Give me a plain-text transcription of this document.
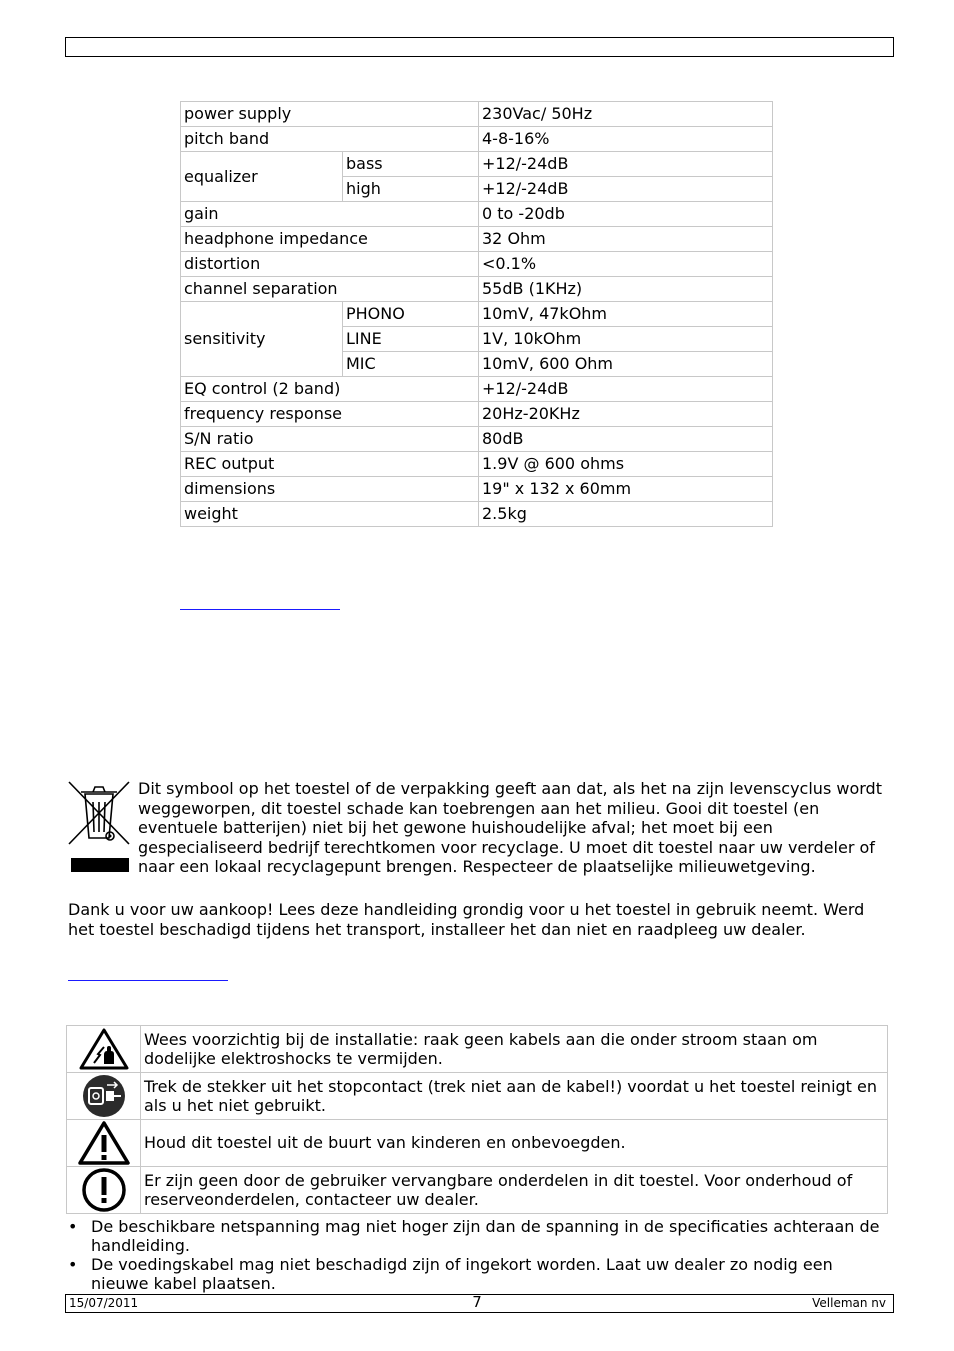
power supply		230Vac/ 50Hz
pitch band		4-8-16%
equalizer	bass	+12/-24dB
	high	+12/-24dB
gain		0 to -20db
headphone impedance		32 Ohm
distortion		<0.1%
channel separation		55dB (1KHz)
sensitivity	PHONO	10mV, 47kOhm
	LINE	1V, 10kOhm
	MIC	10mV, 600 Ohm
EQ control (2 band)		+12/-24dB
frequency response		20Hz-20KHz
S/N ratio		80dB
REC output		1.9V @ 600 ohms
dimensions		19" x 132 x 60mm
weight		2.5kg
Dit symbool op het toestel of de verpakking geeft aan dat, als het na zijn levenscyclus wordt weggeworpen, dit toestel schade kan toebrengen aan het milieu. Gooi dit toestel (en eventuele batterijen) niet bij het gewone huishoudelijke afval; het moet bij een gespecialiseerd bedrijf terechtkomen voor recyclage. U moet dit toestel naar uw verdeler of naar een lokaal recyclagepunt brengen. Respecteer de plaatselijke milieuwetgeving.
Dank u voor uw aankoop! Lees deze handleiding grondig voor u het toestel in gebruik neemt. Werd het toestel beschadigd tijdens het transport, installeer het dan niet en raadpleeg uw dealer.
	Wees voorzichtig bij de installatie: raak geen kabels aan die onder stroom staan om dodelijke elektroshocks te vermijden.

	Trek de stekker uit het stopcontact (trek niet aan de kabel!) voordat u het toestel reinigt en als u het niet gebruikt.

	Houd dit toestel uit de buurt van kinderen en onbevoegden.

	Er zijn geen door de gebruiker vervangbare onderdelen in dit toestel. Voor onderhoud of reserveonderdelen, contacteer uw dealer.
• De beschikbare netspanning mag niet hoger zijn dan de spanning in de specificaties achteraan de handleiding.
• De voedingskabel mag niet beschadigd zijn of ingekort worden. Laat uw dealer zo nodig een nieuwe kabel plaatsen.
15/07/2011	7	Velleman nv
